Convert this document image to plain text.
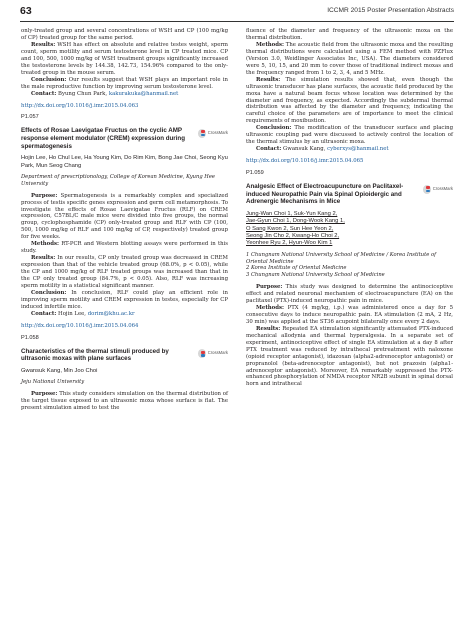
63	ICCMR 2015 Poster Presentation Abstracts

only-treated group and several concentrations of WSH and CP (100 mg/kg of CP) treated group for the same period.

Results: WSH has effect on absolute and relative testes weight, sperm count, sperm motility and serum testosterone level in CP treated mice. CP and 100, 500, 1000 mg/kg of WSH treatment groups significantly increased the testosterone levels by 144.38, 142.73, 154.96% compared to the only-treated group in the mouse serum.

Conclusion: Our results suggest that WSH plays an important role in the male reproductive function by improving serum testosterone level.

Contact: Byung Chun Park, kakurakuka@hanmail.net

http://dx.doi.org/10.1016/j.imr.2015.04.063

P1.057
Effects of Rosae Laevigatae Fructus on the cyclic AMP response element modulator (CREM) expression during spermatogenesis
CrossMark
Hojin Lee, Ho Chul Lee, Ha Young Kim, Do Rim Kim, Bong Jae Choi, Seong Kyu Park, Mun Seog Chang
Department of prescriptionology, College of Korean Medicine, Kyung Hee University

Purpose: Spermatogenesis is a remarkably complex and specialized process of testis specific genes expression and germ cell metamorphosis. To investigate the effects of Rosae Laevigatae Fructus (RLF) on CREM expression, C57BL/C male mice were divided into five groups, the normal group, cyclophosphamide (CP) only-treated group and RLF with CP (100, 500, 1000 mg/kg of RLF and 100 mg/kg of CP, respectively) treated group for five weeks.

Methods: RT-PCR and Western blotting assays were performed in this study.

Results: In our results, CP only treated group was decreased in CREM expression than that of the vehicle treated group (68.0%, p < 0.05), while the CP and 1000 mg/kg of RLF treated groups was increased than that in the CP only treated group (84.7%, p < 0.05). Also, RLF was increasing sperm motility in a statistical significant manner.

Conclusion: In conclusion, RLF could play an efficient role in improving sperm motility and CREM expression in testes, especially for CP induced infertile mice.

Contact: Hojin Lee, dorim@khu.ac.kr

http://dx.doi.org/10.1016/j.imr.2015.04.064

P1.058
Characteristics of the thermal stimuli produced by ultrasonic moxas with plane surfaces
CrossMark
Gwansuk Kang, Min Joo Choi
Jeju National University

Purpose: This study considers simulation on the thermal distribution of the target tissue exposed to an ultrasonic moxa whose surface is flat. The present simulation aimed to test the

fluence of the diameter and frequency of the ultrasonic moxa on the thermal distribution.

Methods: The acoustic field from the ultrasonic moxa and the resulting thermal distributions were calculated using a FEM method with PZFlux (Version 3.0, Weidlinger Associates Inc, USA). The diameters considered were 5, 10, 15, and 20 mm to cover those of traditional indirect moxas and the frequency ranged from 1 to 2, 3, 4, and 5 MHz.

Results: The simulation results showed that, even though the ultrasonic transducer has plane surfaces, the acoustic field produced by the moxa have a natural beam focus whose location was determined by the diameter and frequency, as expected. Accordingly the subdermal thermal distribution was affected by the diameter and frequency, indicating the careful choice of the parameters are of importance to meet the clinical requirements of moxibustion.

Conclusion: The modification of the transducer surface and placing ultrasonic coupling pad were discussed to actively control the location of the thermal stimulus by an ultrasonic moxa.

Contact: Gwansuk Kang, cyberxys@hanmail.net

http://dx.doi.org/10.1016/j.imr.2015.04.065

P1.059
Analgesic Effect of Electroacupuncture on Paclitaxel-induced Neuropathic Pain via Spinal Opioidergic and Adrenergic Mechanisms in Mice
CrossMark
Jung-Wan Choi 1, Suk-Yun Kang 2,
Jae-Gyun Choi 1, Dong-Wook Kang 1,
O Sang Kwon 2, Sun Hee Yeon 2,
Seong Jin Cho 2, Kwang-Ho Choi 2,
Yeonhee Ryu 2, Hyun-Woo Kim 1
1 Chungnam National University School of Medicine / Korea Institute of Oriental Medicine
2 Korea Institute of Oriental Medicine
3 Chungnam National University School of Medicine

Purpose: This study was designed to determine the antinociceptive effect and related neuronal mechanism of electroacupuncture (EA) on the paclitaxel (PTX)-induced neuropathic pain in mice.

Methods: PTX (4 mg/kg, i.p.) was administered once a day for 5 consecutive days to induce neuropathic pain. EA stimulation (2 mA, 2 Hz, 30 min) was applied at the ST36 acupoint bilaterally once every 2 days.

Results: Repeated EA stimulation significantly attenuated PTX-induced mechanical allodynia and thermal hyperalgesia. In a separate set of experiment, antinociceptive effect of single EA stimulation at a day 8 after PTX treatment was reduced by intrathecal pretreatment with naloxone (opioid receptor antagonist), idazoxan (alpha2-adrenoceptor antagonist) or propranolol (beta-adrenoceptor antagonist), but not prazosin (alpha1-adrenoceptor antagonist). Moreover, EA remarkably suppressed the PTX-enhanced phosphorylation of NMDA receptor NR2B subunit in spinal dorsal horn and intrathecal
